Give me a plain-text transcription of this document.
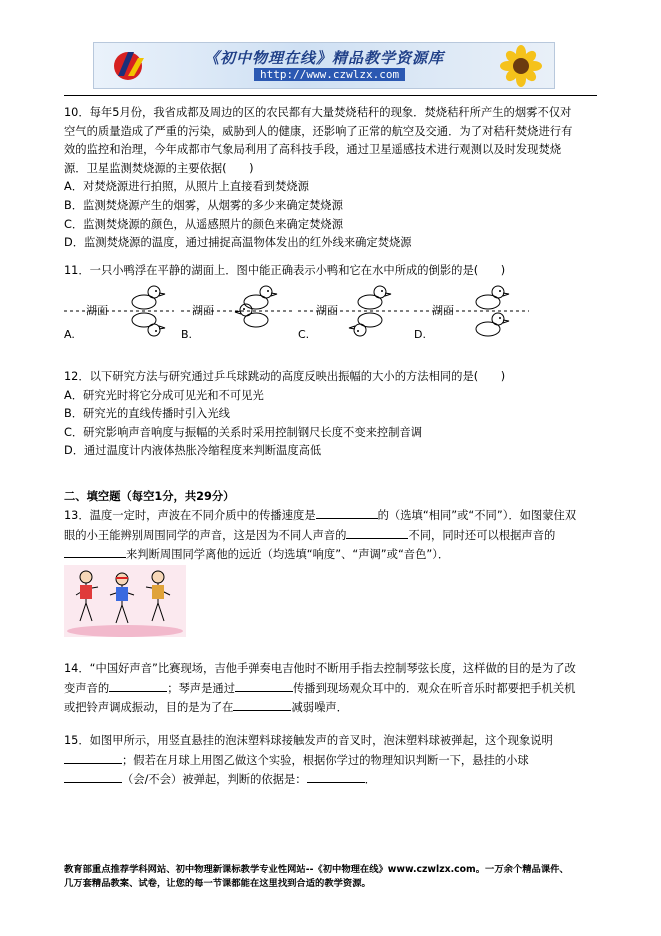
《初中物理在线》精品教学资源库
http://www.czwlzx.com

10．每年5月份，我省成都及周边的区的农民都有大量焚烧秸秆的现象．焚烧秸秆所产生的烟雾不仅对

空气的质量造成了严重的污染，威胁到人的健康，还影响了正常的航空及交通．为了对秸秆焚烧进行有

效的监控和治理，今年成都市气象局利用了高科技手段，通过卫星遥感技术进行观测以及时发现焚烧

源．卫星监测焚烧源的主要依据(　　)

A．对焚烧源进行拍照，从照片上直接看到焚烧源

B．监测焚烧源产生的烟雾，从烟雾的多少来确定焚烧源

C．监测焚烧源的颜色，从遥感照片的颜色来确定焚烧源

D．监测焚烧源的温度，通过捕捉高温物体发出的红外线来确定焚烧源

11．一只小鸭浮在平静的湖面上．图中能正确表示小鸭和它在水中所成的倒影的是(　　)

湖面
A.
湖面
B.
湖面
C.
湖面
D.

12．以下研究方法与研究通过乒乓球跳动的高度反映出振幅的大小的方法相同的是(　　)

A．研究光时将它分成可见光和不可见光

B．研究光的直线传播时引入光线

C．研究影响声音响度与振幅的关系时采用控制钢尺长度不变来控制音调

D．通过温度计内液体热胀冷缩程度来判断温度高低

二、填空题（每空1分，共29分）

13．温度一定时，声波在不同介质中的传播速度是	的（选填“相同”或“不同”）．如图蒙住双

眼的小王能辨别周围同学的声音，这是因为不同人声音的	不同，同时还可以根据声音的

来判断周围同学离他的远近（均选填“响度”、“声调”或“音色”）．

14．“中国好声音”比赛现场，吉他手弹奏电吉他时不断用手指去控制琴弦长度，这样做的目的是为了改

变声音的	；琴声是通过	传播到现场观众耳中的．观众在听音乐时都要把手机关机

或把铃声调成振动，目的是为了在	减弱噪声．

15．如图甲所示，用竖直悬挂的泡沫塑料球接触发声的音叉时，泡沫塑料球被弹起，这个现象说明

；假若在月球上用图乙做这个实验，根据你学过的物理知识判断一下，悬挂的小球

（会/不会）被弹起，判断的依据是：	．

教育部重点推荐学科网站、初中物理新课标教学专业性网站--《初中物理在线》www.czwlzx.com。一万余个精品课件、

几万套精品教案、试卷，让您的每一节课都能在这里找到合适的教学资源。
